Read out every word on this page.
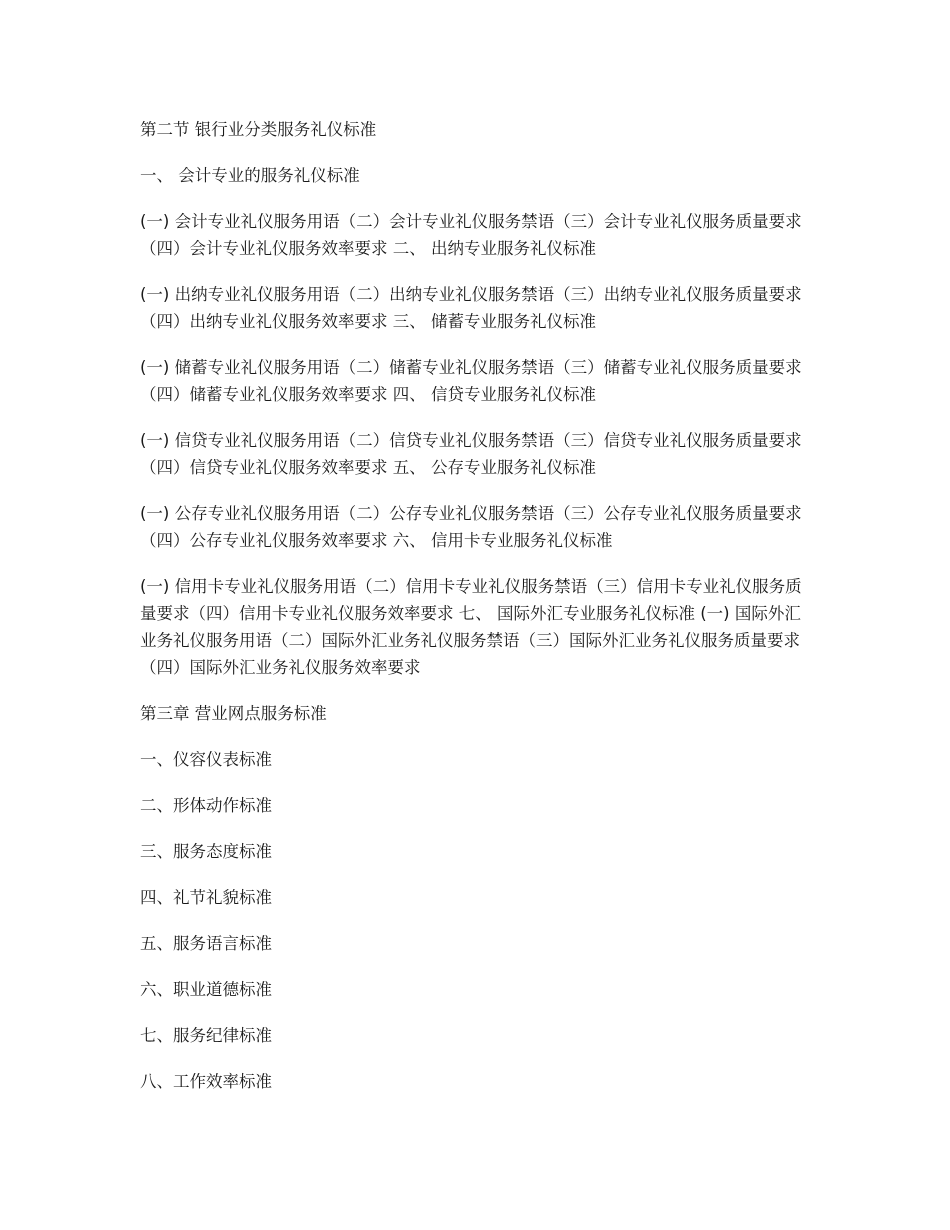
第二节 银行业分类服务礼仪标准
一、 会计专业的服务礼仪标准
(一) 会计专业礼仪服务用语（二）会计专业礼仪服务禁语（三）会计专业礼仪服务质量要求（四）会计专业礼仪服务效率要求 二、 出纳专业服务礼仪标准
(一) 出纳专业礼仪服务用语（二）出纳专业礼仪服务禁语（三）出纳专业礼仪服务质量要求（四）出纳专业礼仪服务效率要求 三、 储蓄专业服务礼仪标准
(一) 储蓄专业礼仪服务用语（二）储蓄专业礼仪服务禁语（三）储蓄专业礼仪服务质量要求（四）储蓄专业礼仪服务效率要求 四、 信贷专业服务礼仪标准
(一) 信贷专业礼仪服务用语（二）信贷专业礼仪服务禁语（三）信贷专业礼仪服务质量要求（四）信贷专业礼仪服务效率要求 五、 公存专业服务礼仪标准
(一) 公存专业礼仪服务用语（二）公存专业礼仪服务禁语（三）公存专业礼仪服务质量要求（四）公存专业礼仪服务效率要求 六、 信用卡专业服务礼仪标准
(一) 信用卡专业礼仪服务用语（二）信用卡专业礼仪服务禁语（三）信用卡专业礼仪服务质量要求（四）信用卡专业礼仪服务效率要求 七、 国际外汇专业服务礼仪标准 (一) 国际外汇业务礼仪服务用语（二）国际外汇业务礼仪服务禁语（三）国际外汇业务礼仪服务质量要求（四）国际外汇业务礼仪服务效率要求
第三章 营业网点服务标准
一、仪容仪表标准
二、形体动作标准
三、服务态度标准
四、礼节礼貌标准
五、服务语言标准
六、职业道德标准
七、服务纪律标准
八、工作效率标准
